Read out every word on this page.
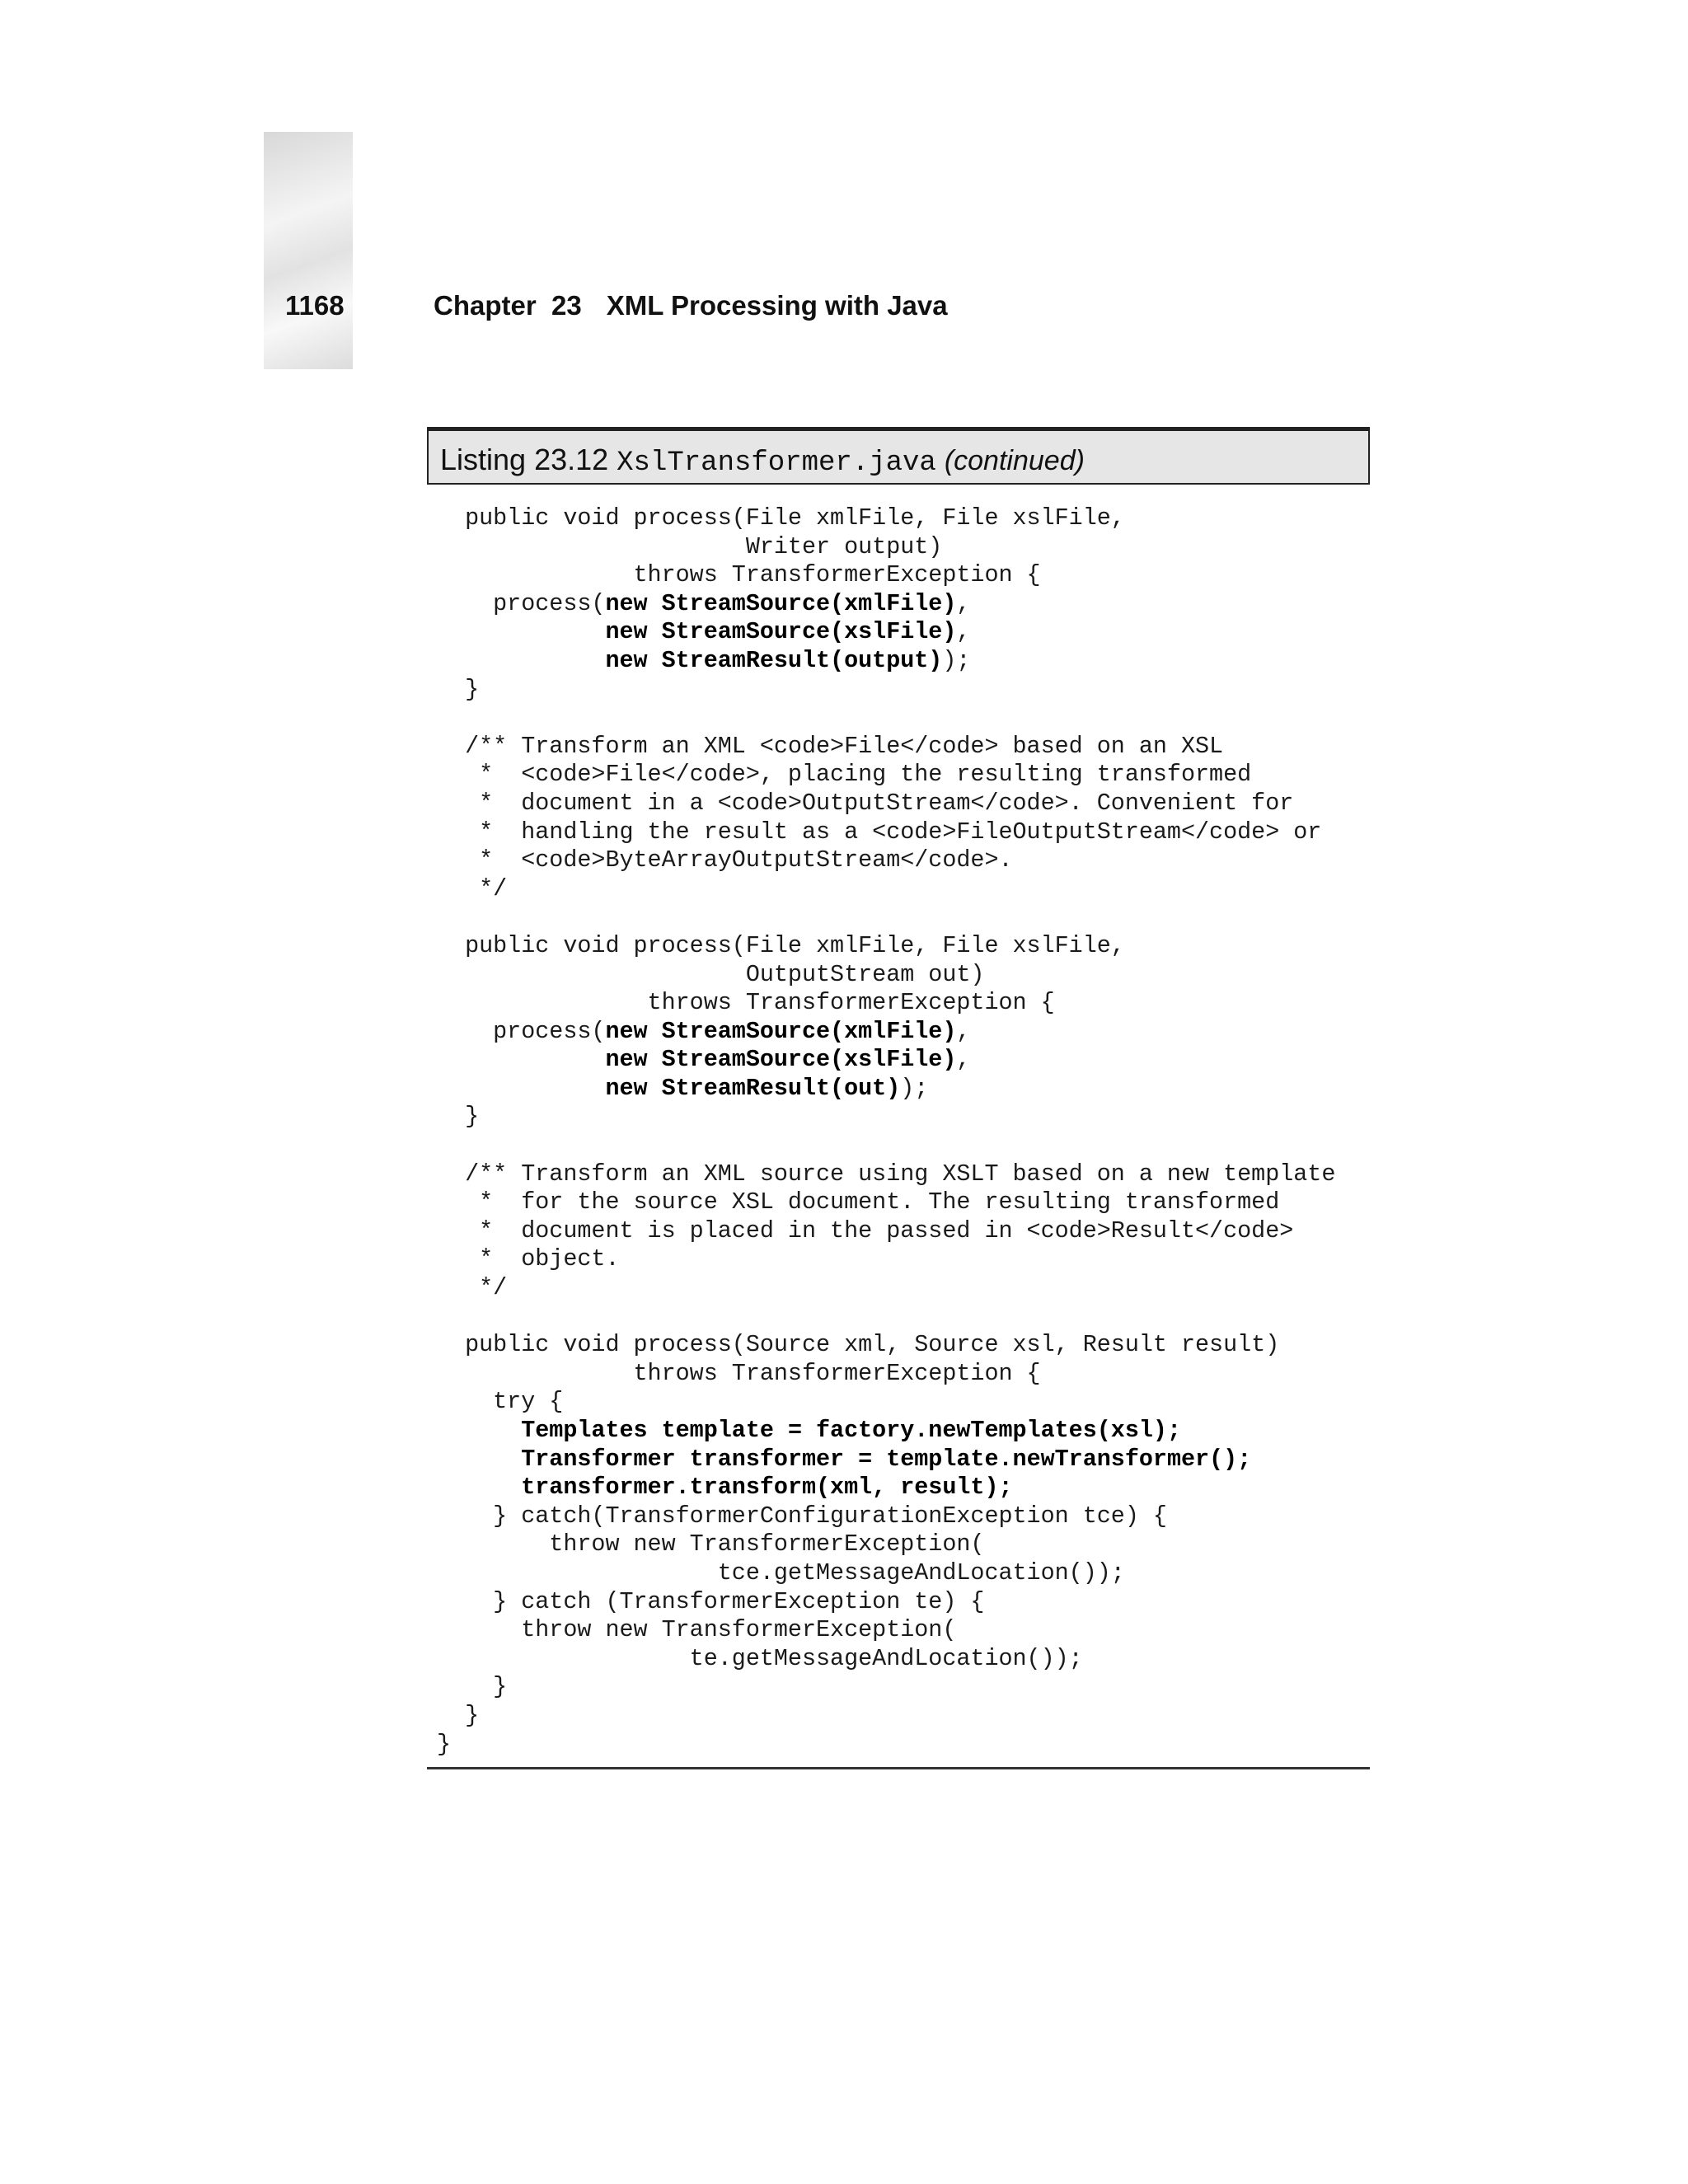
1168	Chapter  23 XML Processing with Java
Listing 23.12 XslTransformer.java (continued)
public void process(File xmlFile, File xslFile,
Writer output)
throws TransformerException {
process(new StreamSource(xmlFile),
new StreamSource(xslFile),
new StreamResult(output));
}
/** Transform an XML <code>File</code> based on an XSL
*  <code>File</code>, placing the resulting transformed
*  document in a <code>OutputStream</code>. Convenient for
*  handling the result as a <code>FileOutputStream</code> or
*  <code>ByteArrayOutputStream</code>.
*/
public void process(File xmlFile, File xslFile,
OutputStream out)
throws TransformerException {
process(new StreamSource(xmlFile),
new StreamSource(xslFile),
new StreamResult(out));
}
/** Transform an XML source using XSLT based on a new template
*  for the source XSL document. The resulting transformed
*  document is placed in the passed in <code>Result</code>
*  object.
*/
public void process(Source xml, Source xsl, Result result)
throws TransformerException {
try {
Templates template = factory.newTemplates(xsl);
Transformer transformer = template.newTransformer();
transformer.transform(xml, result);
} catch(TransformerConfigurationException tce) {
throw new TransformerException(
tce.getMessageAndLocation());
} catch (TransformerException te) {
throw new TransformerException(
te.getMessageAndLocation());
}
}
}
